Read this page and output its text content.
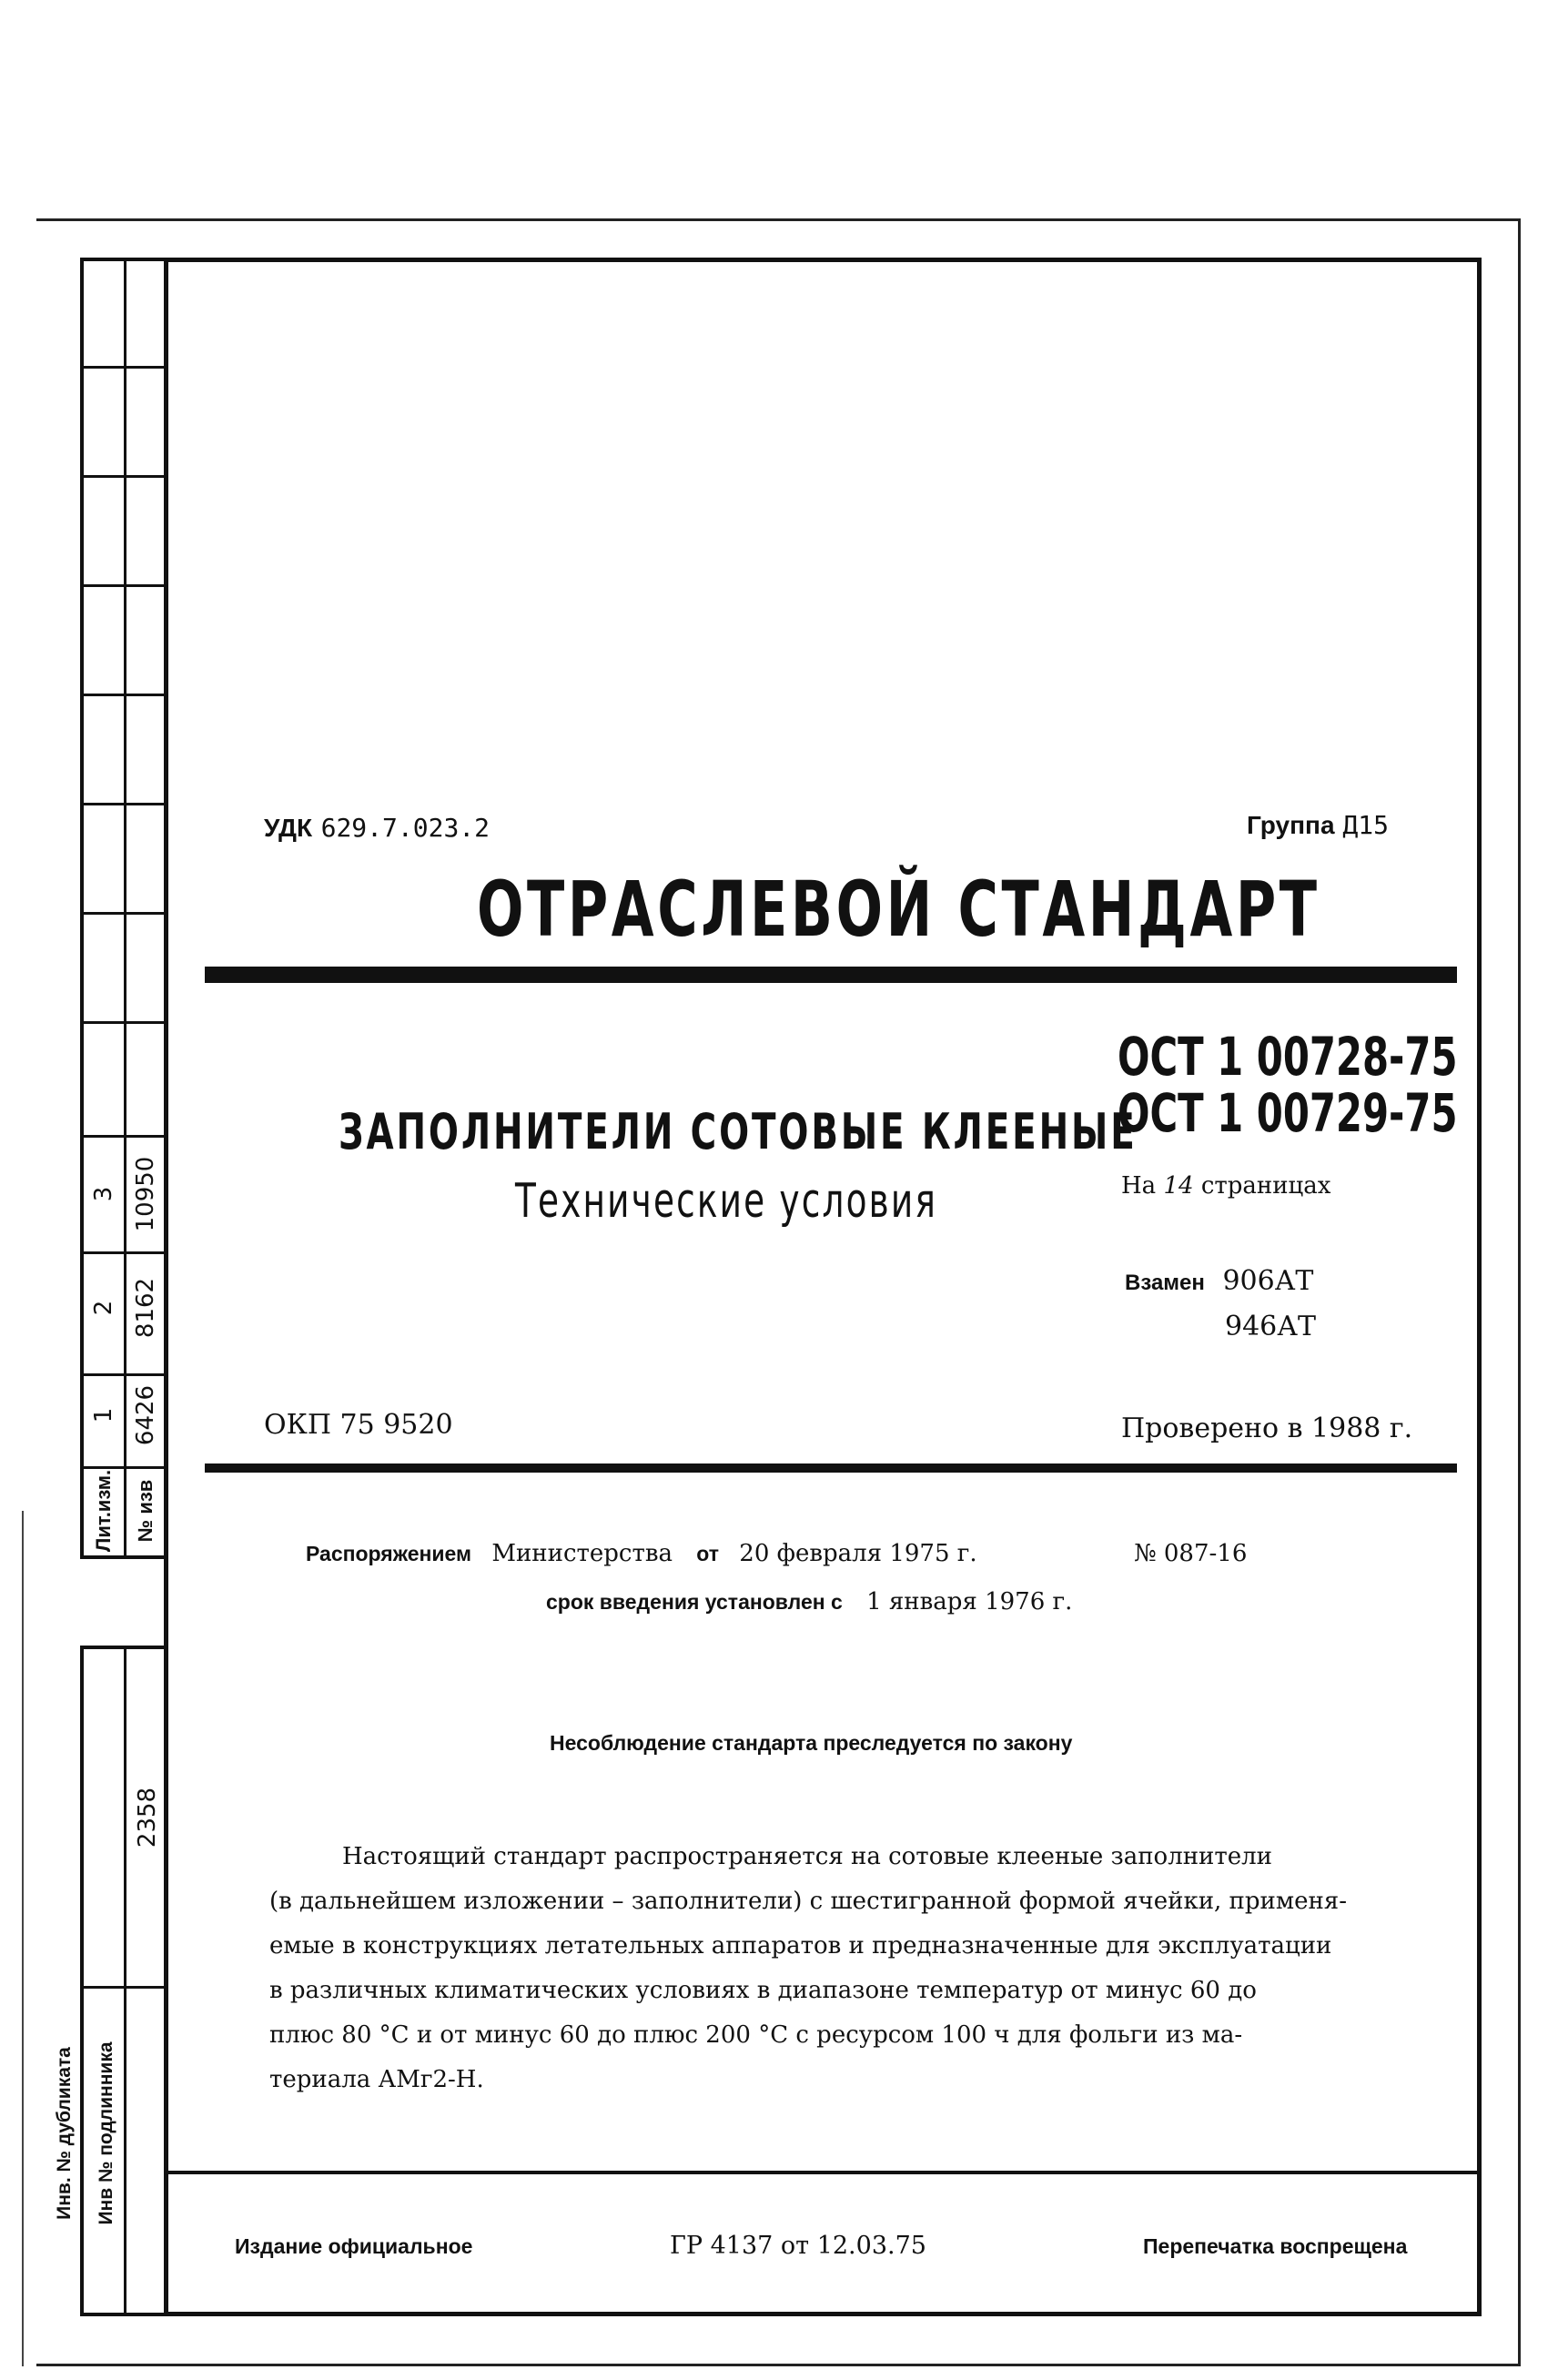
3 10950
2 8162
1 6426
Лит.изм. № изв
2358
Инв. № дубликата Инв № подлинника
УДК 629.7.023.2	Группа Д15
ОТРАСЛЕВОЙ СТАНДАРТ
ЗАПОЛНИТЕЛИ СОТОВЫЕ КЛЕЕНЫЕ
Технические условия
ОСТ 1 00728-75
ОСТ 1 00729-75
На 14 страницах
Взамен 906АТ
946АТ
ОКП 75 9520	Проверено в 1988 г.
Распоряжением Министерства от 20 февраля 1975 г.	№ 087-16
срок введения установлен с 1 января 1976 г.
Несоблюдение стандарта преследуется по закону

Настоящий стандарт распространяется на сотовые клееные заполнители

(в дальнейшем изложении – заполнители) с шестигранной формой ячейки, применя-

емые в конструкциях летательных аппаратов и предназначенные для эксплуатации

в различных климатических условиях в диапазоне температур от минус 60 до

плюс 80 °С и от минус 60 до плюс 200 °С с ресурсом 100 ч для фольги из ма-

териала АМг2-Н.

Издание официальное	ГР 4137 от 12.03.75	Перепечатка воспрещена
